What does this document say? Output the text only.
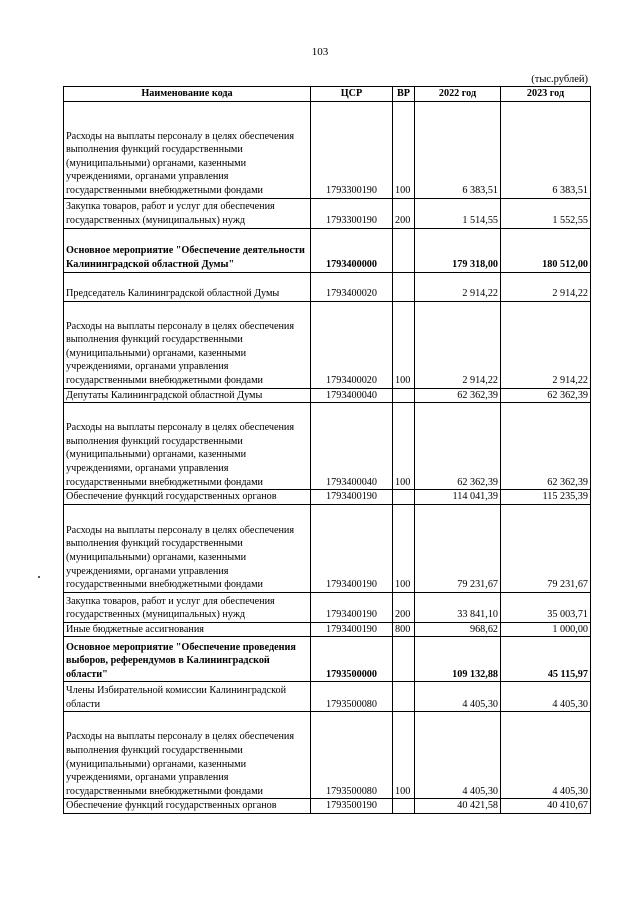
103
(тыс.рублей)
Наименование кода	ЦСР	ВР	2022 год	2023 год
Расходы на выплаты персоналу в целях обеспечения выполнения функций государственными (муниципальными) органами, казенными учреждениями, органами управления государственными внебюджетными фондами	1793300190	100	6 383,51	6 383,51
Закупка товаров, работ и услуг для обеспечения государственных (муниципальных) нужд	1793300190	200	1 514,55	1 552,55
Основное мероприятие "Обеспечение деятельности Калининградской областной Думы"	1793400000		179 318,00	180 512,00
Председатель Калининградской областной Думы	1793400020		2 914,22	2 914,22
Расходы на выплаты персоналу в целях обеспечения выполнения функций государственными (муниципальными) органами, казенными учреждениями, органами управления государственными внебюджетными фондами	1793400020	100	2 914,22	2 914,22
Депутаты Калининградской областной Думы	1793400040		62 362,39	62 362,39
Расходы на выплаты персоналу в целях обеспечения выполнения функций государственными (муниципальными) органами, казенными учреждениями, органами управления государственными внебюджетными фондами	1793400040	100	62 362,39	62 362,39
Обеспечение функций государственных органов	1793400190		114 041,39	115 235,39
Расходы на выплаты персоналу в целях обеспечения выполнения функций государственными (муниципальными) органами, казенными учреждениями, органами управления государственными внебюджетными фондами	1793400190	100	79 231,67	79 231,67
Закупка товаров, работ и услуг для обеспечения государственных (муниципальных) нужд	1793400190	200	33 841,10	35 003,71
Иные бюджетные ассигнования	1793400190	800	968,62	1 000,00
Основное мероприятие "Обеспечение проведения выборов, референдумов в Калининградской области"	1793500000		109 132,88	45 115,97
Члены Избирательной комиссии Калининградской области	1793500080		4 405,30	4 405,30
Расходы на выплаты персоналу в целях обеспечения выполнения функций государственными (муниципальными) органами, казенными учреждениями, органами управления государственными внебюджетными фондами	1793500080	100	4 405,30	4 405,30
Обеспечение функций государственных органов	1793500190		40 421,58	40 410,67
